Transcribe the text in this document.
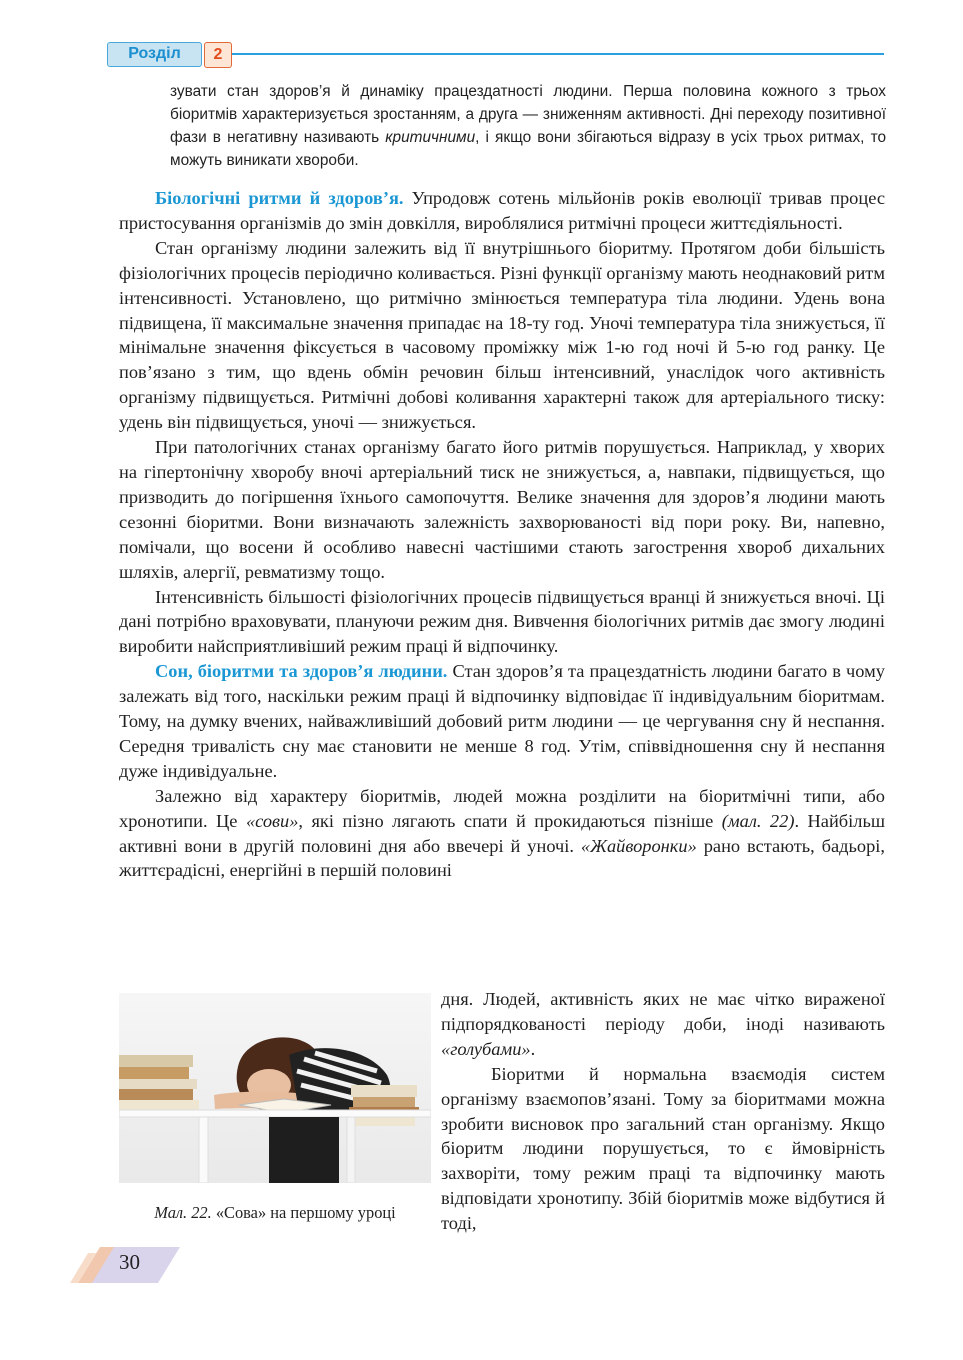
Розділ	2

зувати стан здоров’я й динаміку працездатності людини. Перша половина кожного з трьох біоритмів характеризується зростанням, а друга — зниженням активності. Дні переходу позитивної фази в негативну називають критичними, і якщо вони збігаються відразу в усіх трьох ритмах, то можуть виникати хвороби.

Біологічні ритми й здоров’я. Упродовж сотень мільйонів років еволюції тривав процес пристосування організмів до змін довкілля, вироблялися ритмічні процеси життєдіяльності.

Стан організму людини залежить від її внутрішнього біоритму. Протягом доби більшість фізіологічних процесів періодично коливається. Різні функції організму мають неоднаковий ритм інтенсивності. Установлено, що ритмічно змінюється температура тіла людини. Удень вона підвищена, її максимальне значення припадає на 18-ту год. Уночі температура тіла знижується, її мінімальне значення фіксується в часовому проміжку між 1-ю год ночі й 5-ю год ранку. Це пов’язано з тим, що вдень обмін речовин більш інтенсивний, унаслідок чого активність організму підвищується. Ритмічні добові коливання характерні також для артеріального тиску: удень він підвищується, уночі — знижується.

При патологічних станах організму багато його ритмів порушується. Наприклад, у хворих на гіпертонічну хворобу вночі артеріальний тиск не знижується, а, навпаки, підвищується, що призводить до погіршення їхнього самопочуття. Велике значення для здоров’я людини мають сезонні біоритми. Вони визначають залежність захворюваності від пори року. Ви, напевно, помічали, що восени й особливо навесні частішими стають загострення хвороб дихальних шляхів, алергії, ревматизму тощо.

Інтенсивність більшості фізіологічних процесів підвищується вранці й знижується вночі. Ці дані потрібно враховувати, плануючи режим дня. Вивчення біологічних ритмів дає змогу людині виробити найсприятливіший режим праці й відпочинку.

Сон, біоритми та здоров’я людини. Стан здоров’я та працездатність людини багато в чому залежать від того, наскільки режим праці й відпочинку відповідає її індивідуальним біоритмам. Тому, на думку вчених, найважливіший добовий ритм людини — це чергування сну й неспання. Середня тривалість сну має становити не менше 8 год. Утім, співвідношення сну й неспання дуже індивідуальне.

Залежно від характеру біоритмів, людей можна розділити на біоритмічні типи, або хронотипи. Це «сови», які пізно лягають спати й прокидаються пізніше (мал. 22). Найбільш активні вони в другій половині дня або ввечері й уночі. «Жайворонки» рано встають, бадьорі, життєрадісні, енергійні в першій половині

Мал. 22. «Сова» на першому уроці

дня. Людей, активність яких не має чітко вираженої підпорядкованості періоду доби, іноді називають «голубами».

Біоритми й нормальна взаємодія систем організму взаємопов’язані. Тому за біоритмами можна зробити висновок про загальний стан організму. Якщо біоритм людини порушується, то є ймовірність захворіти, тому режим праці та відпочинку мають відповідати хронотипу. Збій біоритмів може відбутися й тоді,

30
